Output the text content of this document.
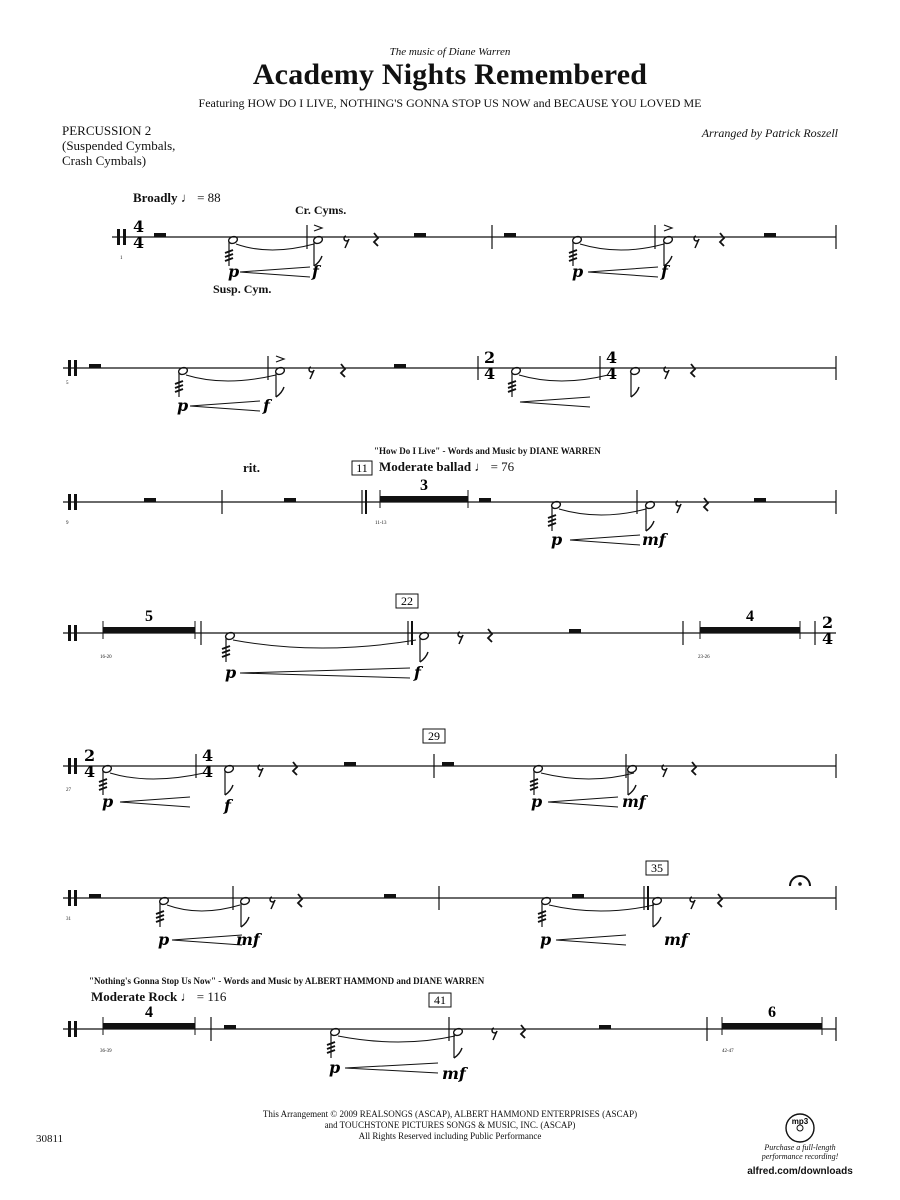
The music of Diane Warren
Academy Nights Remembered
Featuring HOW DO I LIVE, NOTHING'S GONNA STOP US NOW and BECAUSE YOU LOVED ME
PERCUSSION 2
(Suspended Cymbals,
Crash Cymbals)
Arranged by Patrick Roszell
Broadly ♩ = 88
Cr. Cyms.
Susp. Cym.
rit.
"How Do I Live" - Words and Music by DIANE WARREN
Moderate ballad ♩ = 76
"Nothing's Gonna Stop Us Now" - Words and Music by ALBERT HAMMOND and DIANE WARREN
Moderate Rock ♩ = 116
1
5
9	11-13
16-20	23-26
27
31
36-39	42-47
4
4
2
4
4
4
2
4
2
4
4
4
3
5	4
4	6
11
22
29
35
41
p	f	p	f
p	f
p	mf
p	f
p	f	p	mf
p	mf	p	mf
p	mf
mp3
This Arrangement © 2009 REALSONGS (ASCAP), ALBERT HAMMOND ENTERPRISES (ASCAP)
and TOUCHSTONE PICTURES SONGS & MUSIC, INC. (ASCAP)
All Rights Reserved including Public Performance
30811
Purchase a full-length
performance recording!
alfred.com/downloads
